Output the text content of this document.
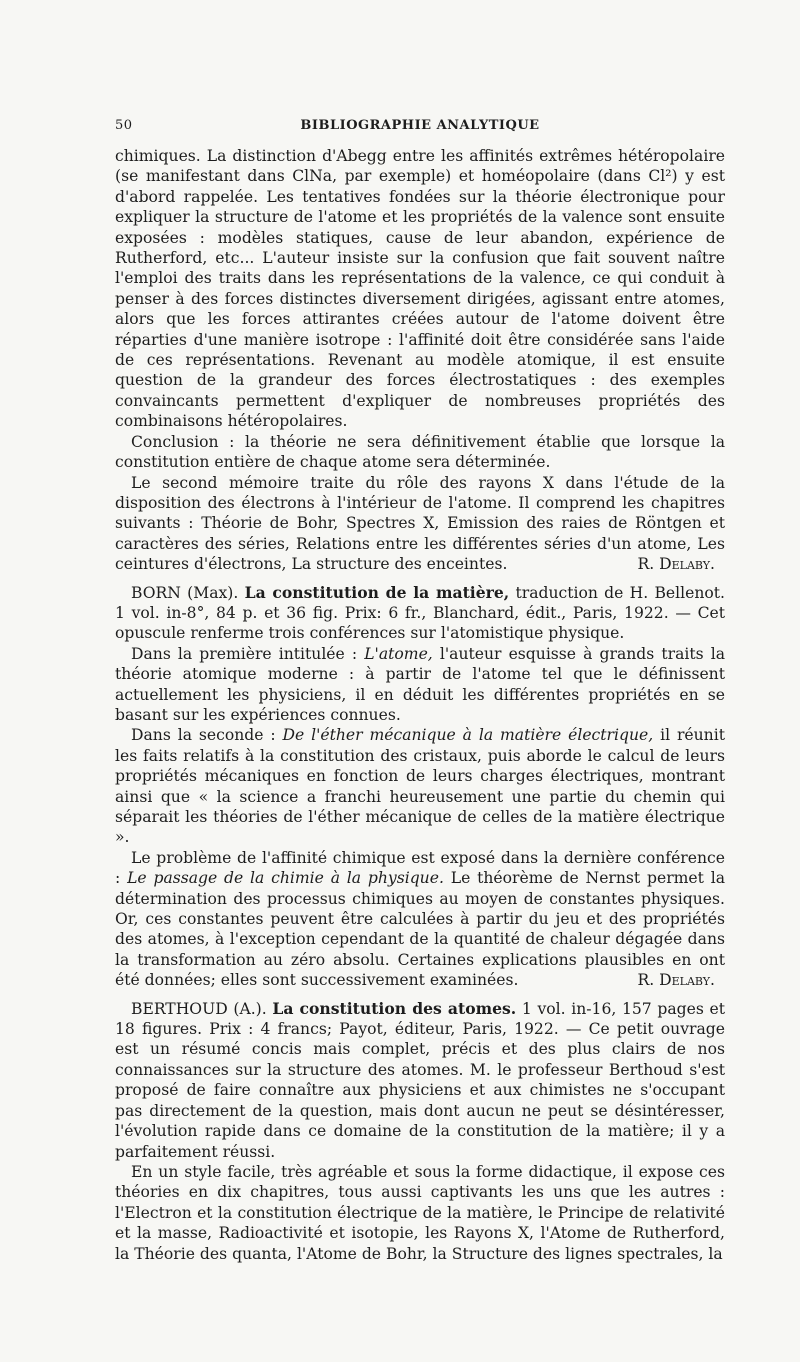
50	BIBLIOGRAPHIE ANALYTIQUE

chimiques. La distinction d'Abegg entre les affinités extrêmes hétéropolaire (se manifestant dans ClNa, par exemple) et homéopolaire (dans Cl²) y est d'abord rappelée. Les tentatives fondées sur la théorie électronique pour expliquer la structure de l'atome et les propriétés de la valence sont ensuite exposées : modèles statiques, cause de leur abandon, expérience de Rutherford, etc... L'auteur insiste sur la confusion que fait souvent naître l'emploi des traits dans les représentations de la valence, ce qui conduit à penser à des forces distinctes diversement dirigées, agissant entre atomes, alors que les forces attirantes créées autour de l'atome doivent être réparties d'une manière isotrope : l'affinité doit être considérée sans l'aide de ces représentations. Revenant au modèle atomique, il est ensuite question de la grandeur des forces électrostatiques : des exemples convaincants permettent d'expliquer de nombreuses propriétés des combinaisons hétéropolaires.

Conclusion : la théorie ne sera définitivement établie que lorsque la constitution entière de chaque atome sera déterminée.

Le second mémoire traite du rôle des rayons X dans l'étude de la disposition des électrons à l'intérieur de l'atome. Il comprend les chapitres suivants : Théorie de Bohr, Spectres X, Emission des raies de Röntgen et caractères des séries, Relations entre les différentes séries d'un atome, Les ceintures d'électrons, La structure des enceintes.	R. Delaby.

BORN (Max). La constitution de la matière, traduction de H. Bellenot. 1 vol. in-8°, 84 p. et 36 fig. Prix: 6 fr., Blanchard, édit., Paris, 1922. — Cet opuscule renferme trois conférences sur l'atomistique physique.

Dans la première intitulée : L'atome, l'auteur esquisse à grands traits la théorie atomique moderne : à partir de l'atome tel que le définissent actuellement les physiciens, il en déduit les différentes propriétés en se basant sur les expériences connues.

Dans la seconde : De l'éther mécanique à la matière électrique, il réunit les faits relatifs à la constitution des cristaux, puis aborde le calcul de leurs propriétés mécaniques en fonction de leurs charges électriques, montrant ainsi que « la science a franchi heureusement une partie du chemin qui séparait les théories de l'éther mécanique de celles de la matière électrique ».

Le problème de l'affinité chimique est exposé dans la dernière conférence : Le passage de la chimie à la physique. Le théorème de Nernst permet la détermination des processus chimiques au moyen de constantes physiques. Or, ces constantes peuvent être calculées à partir du jeu et des propriétés des atomes, à l'exception cependant de la quantité de chaleur dégagée dans la transformation au zéro absolu. Certaines explications plausibles en ont été données; elles sont successivement examinées.	R. Delaby.

BERTHOUD (A.). La constitution des atomes. 1 vol. in-16, 157 pages et 18 figures. Prix : 4 francs; Payot, éditeur, Paris, 1922. — Ce petit ouvrage est un résumé concis mais complet, précis et des plus clairs de nos connaissances sur la structure des atomes. M. le professeur Berthoud s'est proposé de faire connaître aux physiciens et aux chimistes ne s'occupant pas directement de la question, mais dont aucun ne peut se désintéresser, l'évolution rapide dans ce domaine de la constitution de la matière; il y a parfaitement réussi.

En un style facile, très agréable et sous la forme didactique, il expose ces théories en dix chapitres, tous aussi captivants les uns que les autres : l'Electron et la constitution électrique de la matière, le Principe de relativité et la masse, Radioactivité et isotopie, les Rayons X, l'Atome de Rutherford, la Théorie des quanta, l'Atome de Bohr, la Structure des lignes spectrales, la
